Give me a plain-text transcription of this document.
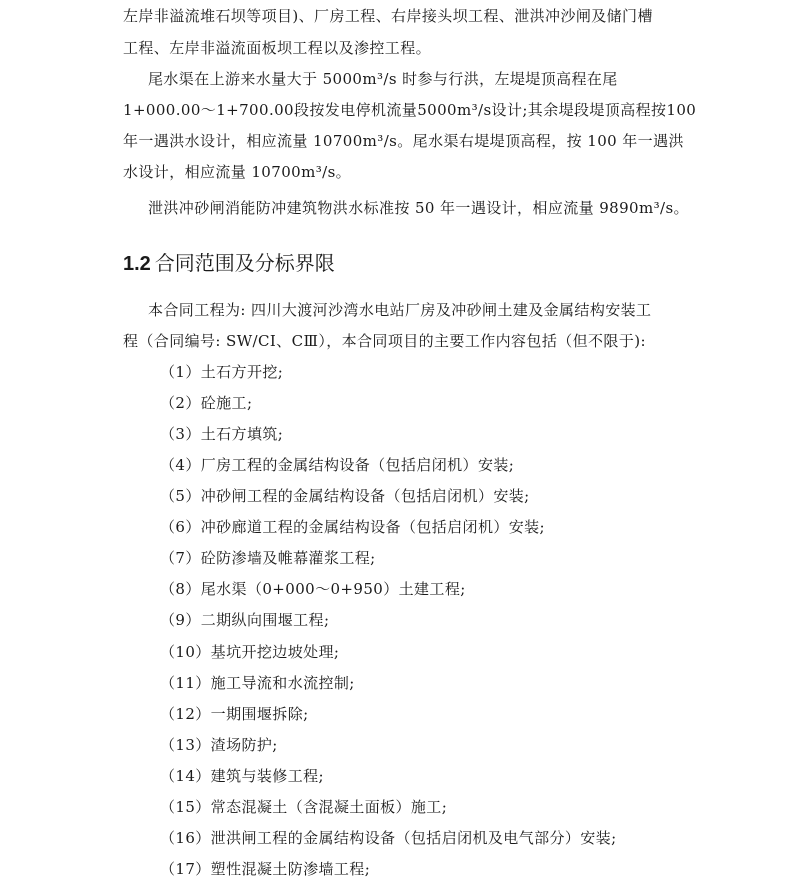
左岸非溢流堆石坝等项目)、厂房工程、右岸接头坝工程、泄洪冲沙闸及储门槽
工程、左岸非溢流面板坝工程以及渗控工程。
尾水渠在上游来水量大于 5000m³/s 时参与行洪，左堤堤顶高程在尾
1+000.00～1+700.00段按发电停机流量5000m³/s设计;其余堤段堤顶高程按100
年一遇洪水设计，相应流量 10700m³/s。尾水渠右堤堤顶高程，按 100 年一遇洪
水设计，相应流量 10700m³/s。
泄洪冲砂闸消能防冲建筑物洪水标准按 50 年一遇设计，相应流量 9890m³/s。
1.2 合同范围及分标界限
本合同工程为: 四川大渡河沙湾水电站厂房及冲砂闸土建及金属结构安装工
程（合同编号: SW/CⅠ、CⅢ），本合同项目的主要工作内容包括（但不限于):
（1）土石方开挖;
（2）砼施工;
（3）土石方填筑;
（4）厂房工程的金属结构设备（包括启闭机）安装;
（5）冲砂闸工程的金属结构设备（包括启闭机）安装;
（6）冲砂廊道工程的金属结构设备（包括启闭机）安装;
（7）砼防渗墙及帷幕灌浆工程;
（8）尾水渠（0+000～0+950）土建工程;
（9）二期纵向围堰工程;
（10）基坑开挖边坡处理;
（11）施工导流和水流控制;
（12）一期围堰拆除;
（13）渣场防护;
（14）建筑与装修工程;
（15）常态混凝土（含混凝土面板）施工;
（16）泄洪闸工程的金属结构设备（包括启闭机及电气部分）安装;
（17）塑性混凝土防渗墙工程;
